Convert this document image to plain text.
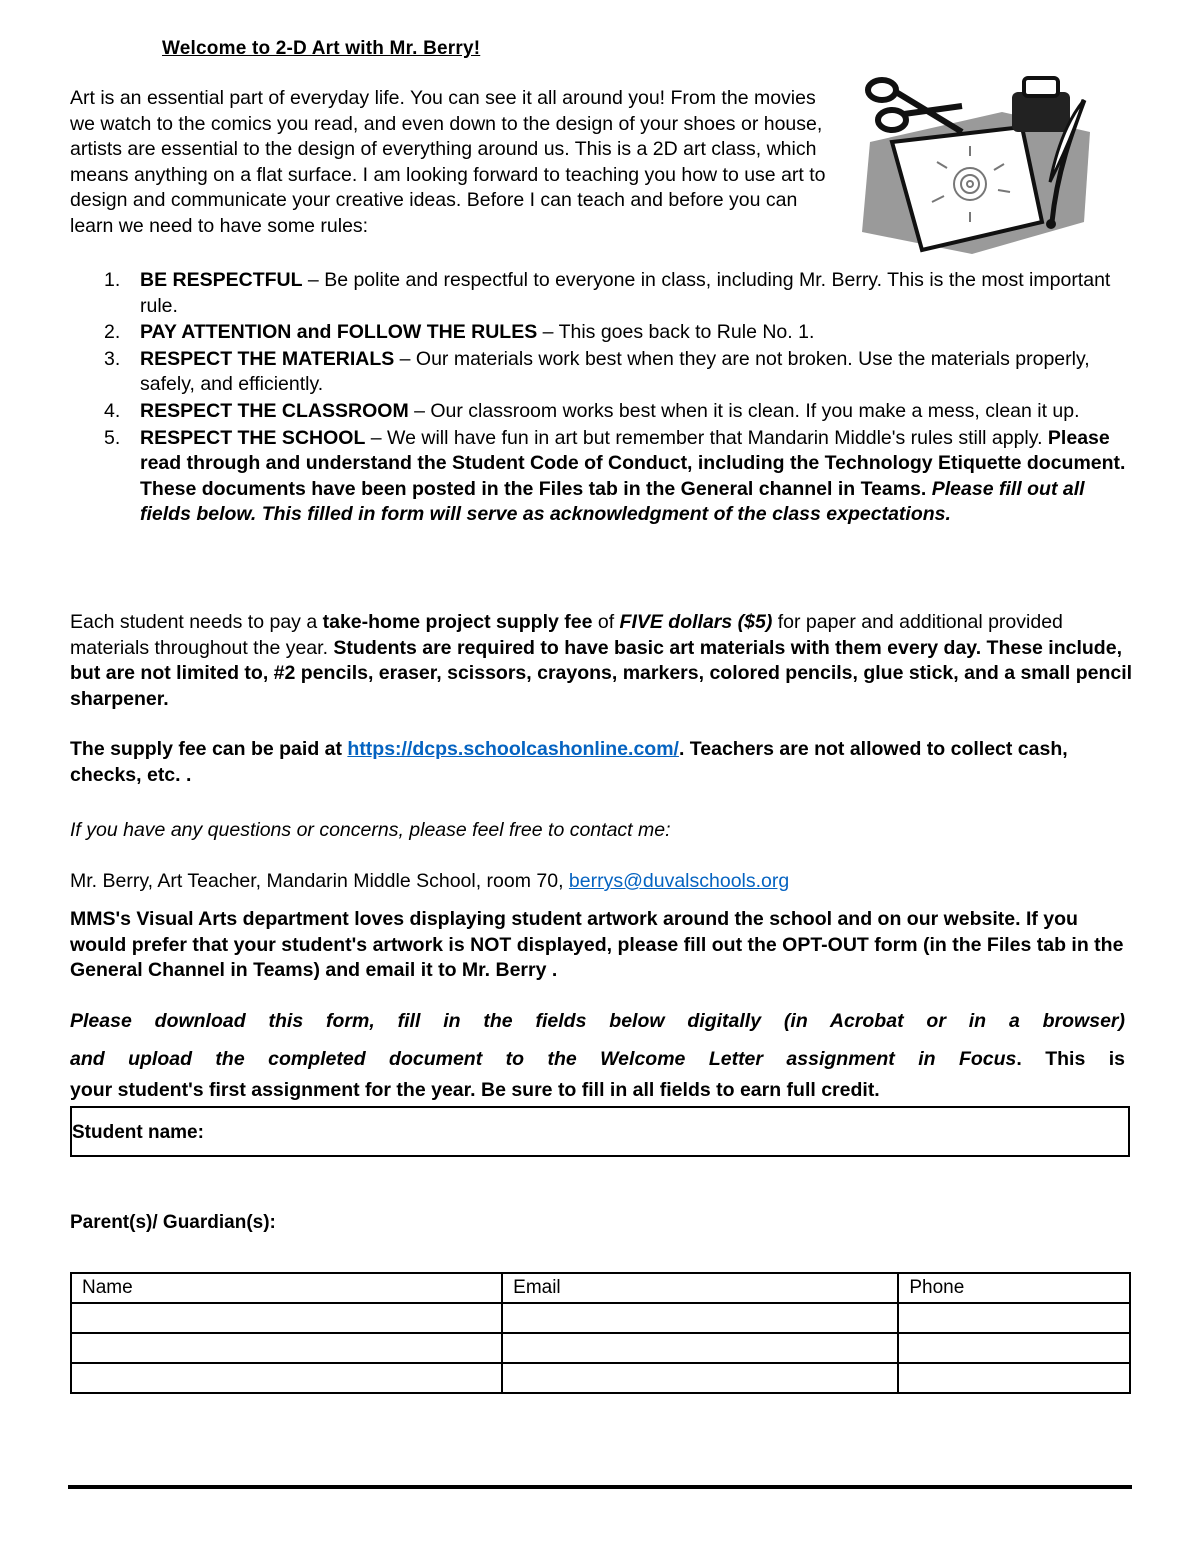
Welcome to 2-D Art with Mr. Berry!
Art is an essential part of everyday life. You can see it all around you! From the movies we watch to the comics you read, and even down to the design of your shoes or house, artists are essential to the design of everything around us. This is a 2D art class, which means anything on a flat surface. I am looking forward to teaching you how to use art to design and communicate your creative ideas. Before I can teach and before you can learn we need to have some rules:
1. BE RESPECTFUL – Be polite and respectful to everyone in class, including Mr. Berry. This is the most important rule.
2. PAY ATTENTION and FOLLOW THE RULES – This goes back to Rule No. 1.
3. RESPECT THE MATERIALS – Our materials work best when they are not broken. Use the materials properly, safely, and efficiently.
4. RESPECT THE CLASSROOM – Our classroom works best when it is clean. If you make a mess, clean it up.
5. RESPECT THE SCHOOL – We will have fun in art but remember that Mandarin Middle's rules still apply. Please read through and understand the Student Code of Conduct, including the Technology Etiquette document. These documents have been posted in the Files tab in the General channel in Teams. Please fill out all fields below. This filled in form will serve as acknowledgment of the class expectations.
Each student needs to pay a take-home project supply fee of FIVE dollars ($5) for paper and additional provided materials throughout the year. Students are required to have basic art materials with them every day. These include, but are not limited to, #2 pencils, eraser, scissors, crayons, markers, colored pencils, glue stick, and a small pencil sharpener.
The supply fee can be paid at https://dcps.schoolcashonline.com/. Teachers are not allowed to collect cash, checks, etc. .
If you have any questions or concerns, please feel free to contact me:
Mr. Berry, Art Teacher, Mandarin Middle School, room 70, berrys@duvalschools.org
MMS's Visual Arts department loves displaying student artwork around the school and on our website. If you would prefer that your student's artwork is NOT displayed, please fill out the OPT-OUT form (in the Files tab in the General Channel in Teams) and email it to Mr. Berry .
Please download this form, fill in the fields below digitally (in Acrobat or in a browser)
and upload the completed document to the Welcome Letter assignment in Focus. This is
your student's first assignment for the year. Be sure to fill in all fields to earn full credit.
Student name:
Parent(s)/ Guardian(s):
Name	Email	Phone
